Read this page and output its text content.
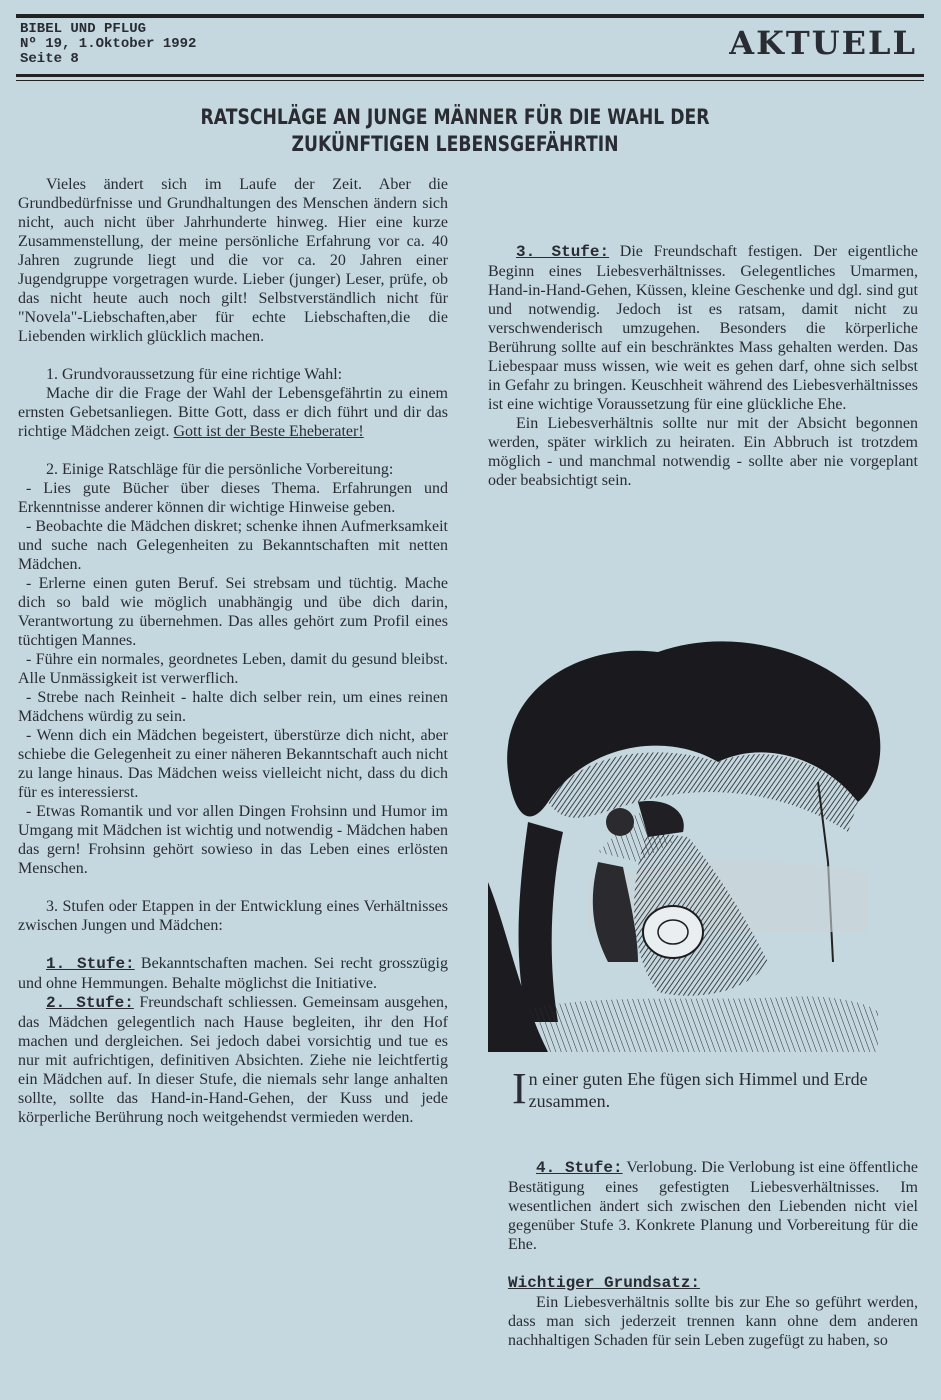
BIBEL UND PFLUG
Nº 19, 1.Oktober 1992
Seite 8	AKTUELL
RATSCHLÄGE AN JUNGE MÄNNER FÜR DIE WAHL DER ZUKÜNFTIGEN LEBENSGEFÄHRTIN

Vieles ändert sich im Laufe der Zeit. Aber die Grundbedürfnisse und Grundhaltungen des Menschen ändern sich nicht, auch nicht über Jahrhunderte hinweg. Hier eine kurze Zusammenstellung, der meine persönliche Erfahrung vor ca. 40 Jahren zugrunde liegt und die vor ca. 20 Jahren einer Jugendgruppe vorgetragen wurde. Lieber (junger) Leser, prüfe, ob das nicht heute auch noch gilt! Selbstverständlich nicht für "Novela"-Liebschaften,aber für echte Liebschaften,die die Liebenden wirklich glücklich machen.

1. Grundvoraussetzung für eine richtige Wahl:

Mache dir die Frage der Wahl der Lebensgefährtin zu einem ernsten Gebetsanliegen. Bitte Gott, dass er dich führt und dir das richtige Mädchen zeigt. Gott ist der Beste Eheberater!

2. Einige Ratschläge für die persönliche Vorbereitung:

- Lies gute Bücher über dieses Thema. Erfahrungen und Erkenntnisse anderer können dir wichtige Hinweise geben.

- Beobachte die Mädchen diskret; schenke ihnen Aufmerksamkeit und suche nach Gelegenheiten zu Bekanntschaften mit netten Mädchen.

- Erlerne einen guten Beruf. Sei strebsam und tüchtig. Mache dich so bald wie möglich unabhängig und übe dich darin, Verantwortung zu übernehmen. Das alles gehört zum Profil eines tüchtigen Mannes.

- Führe ein normales, geordnetes Leben, damit du gesund bleibst. Alle Unmässigkeit ist verwerflich.

- Strebe nach Reinheit - halte dich selber rein, um eines reinen Mädchens würdig zu sein.

- Wenn dich ein Mädchen begeistert, überstürze dich nicht, aber schiebe die Gelegenheit zu einer näheren Bekanntschaft auch nicht zu lange hinaus. Das Mädchen weiss vielleicht nicht, dass du dich für es interessierst.

- Etwas Romantik und vor allen Dingen Frohsinn und Humor im Umgang mit Mädchen ist wichtig und notwendig - Mädchen haben das gern! Frohsinn gehört sowieso in das Leben eines erlösten Menschen.

3. Stufen oder Etappen in der Entwicklung eines Verhältnisses zwischen Jungen und Mädchen:

1. Stufe: Bekanntschaften machen. Sei recht grosszügig und ohne Hemmungen. Behalte möglichst die Initiative.

2. Stufe: Freundschaft schliessen. Gemeinsam ausgehen, das Mädchen gelegentlich nach Hause begleiten, ihr den Hof machen und dergleichen. Sei jedoch dabei vorsichtig und tue es nur mit aufrichtigen, definitiven Absichten. Ziehe nie leichtfertig ein Mädchen auf. In dieser Stufe, die niemals sehr lange anhalten sollte, sollte das Hand-in-Hand-Gehen, der Kuss und jede körperliche Berührung noch weitgehendst vermieden werden.

3. Stufe: Die Freundschaft festigen. Der eigentliche Beginn eines Liebesverhältnisses. Gelegentliches Umarmen, Hand-in-Hand-Gehen, Küssen, kleine Geschenke und dgl. sind gut und notwendig. Jedoch ist es ratsam, damit nicht zu verschwenderisch umzugehen. Besonders die körperliche Berührung sollte auf ein beschränktes Mass gehalten werden. Das Liebespaar muss wissen, wie weit es gehen darf, ohne sich selbst in Gefahr zu bringen. Keuschheit während des Liebesverhältnisses ist eine wichtige Voraussetzung für eine glückliche Ehe.

Ein Liebesverhältnis sollte nur mit der Absicht begonnen werden, später wirklich zu heiraten. Ein Abbruch ist trotzdem möglich - und manchmal notwendig - sollte aber nie vorgeplant oder beabsichtigt sein.

In einer guten Ehe fügen sich Himmel und Erde zusammen.

4. Stufe: Verlobung. Die Verlobung ist eine öffentliche Bestätigung eines gefestigten Liebesverhältnisses. Im wesentlichen ändert sich zwischen den Liebenden nicht viel gegenüber Stufe 3. Konkrete Planung und Vorbereitung für die Ehe.

Wichtiger Grundsatz:

Ein Liebesverhältnis sollte bis zur Ehe so geführt werden, dass man sich jederzeit trennen kann ohne dem anderen nachhaltigen Schaden für sein Leben zugefügt zu haben, so
